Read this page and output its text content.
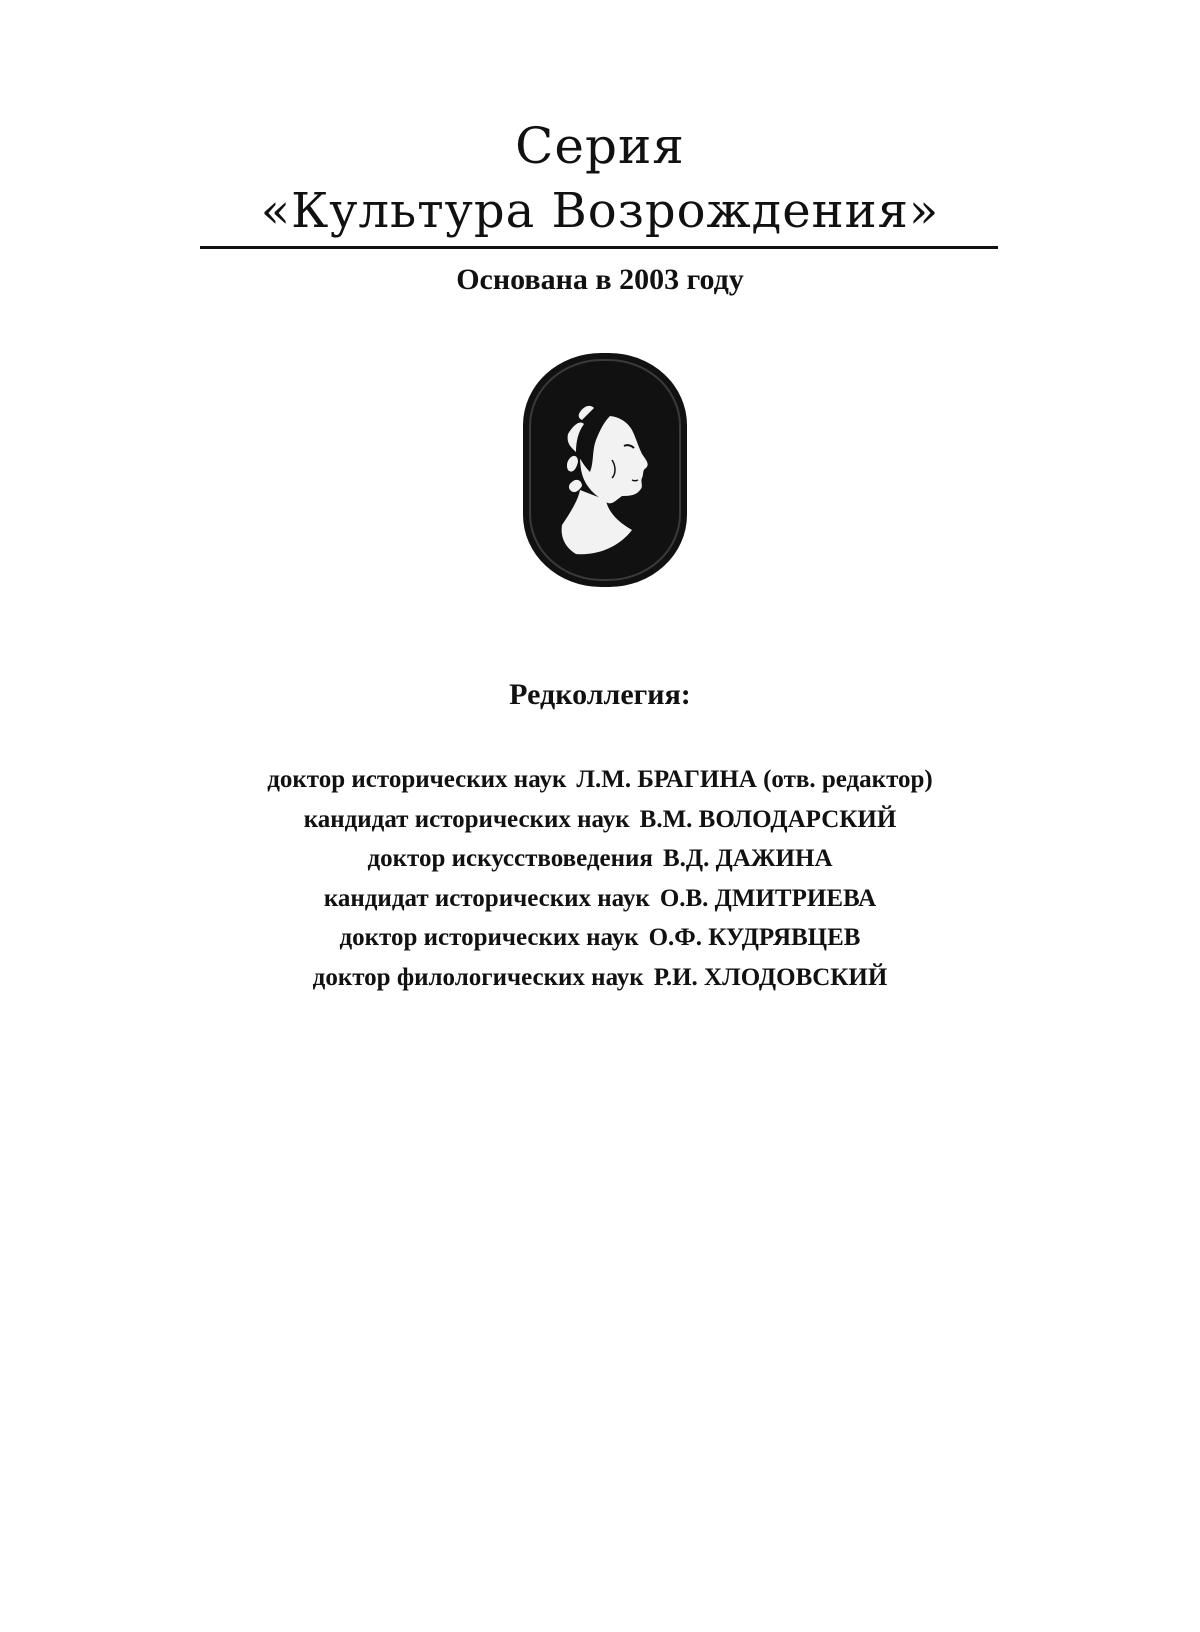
Серия
«Культура Возрождения»
Основана в 2003 году
Редколлегия:
доктор исторических наук Л.М. БРАГИНА (отв. редактор)
кандидат исторических наук В.М. ВОЛОДАРСКИЙ
доктор искусствоведения В.Д. ДАЖИНА
кандидат исторических наук О.В. ДМИТРИЕВА
доктор исторических наук О.Ф. КУДРЯВЦЕВ
доктор филологических наук Р.И. ХЛОДОВСКИЙ
